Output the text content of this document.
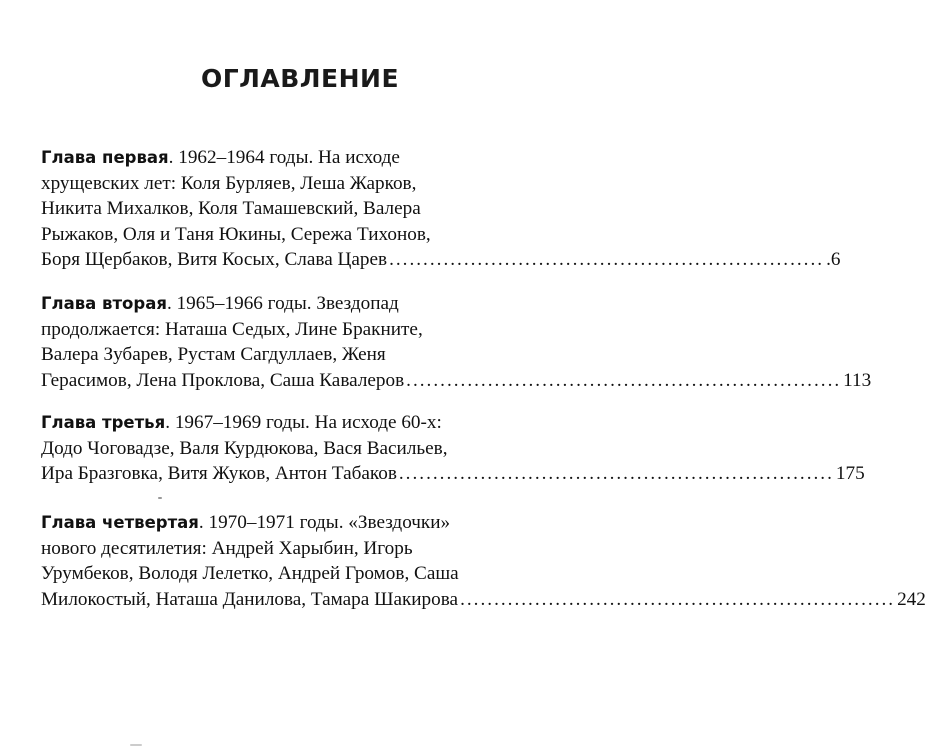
ОГЛАВЛЕНИЕ
Глава первая. 1962–1964 годы. На исходе
хрущевских лет: Коля Бурляев, Леша Жарков,
Никита Михалков, Коля Тамашевский, Валера
Рыжаков, Оля и Таня Юкины, Сережа Тихонов,
Боря Щербаков, Витя Косых, Слава Царев ................................................................ .6
Глава вторая. 1965–1966 годы. Звездопад
продолжается: Наташа Седых, Лине Бракните,
Валера Зубарев, Рустам Сагдуллаев, Женя
Герасимов, Лена Проклова, Саша Кавалеров ................................................................ 113
Глава третья. 1967–1969 годы. На исходе 60-х:
Додо Чоговадзе, Валя Курдюкова, Вася Васильев,
Ира Бразговка, Витя Жуков, Антон Табаков ................................................................ 175
Глава четвертая. 1970–1971 годы. «Звездочки»
нового десятилетия: Андрей Харыбин, Игорь
Урумбеков, Володя Лелетко, Андрей Громов, Саша
Милокостый, Наташа Данилова, Тамара Шакирова ................................................................ 242
